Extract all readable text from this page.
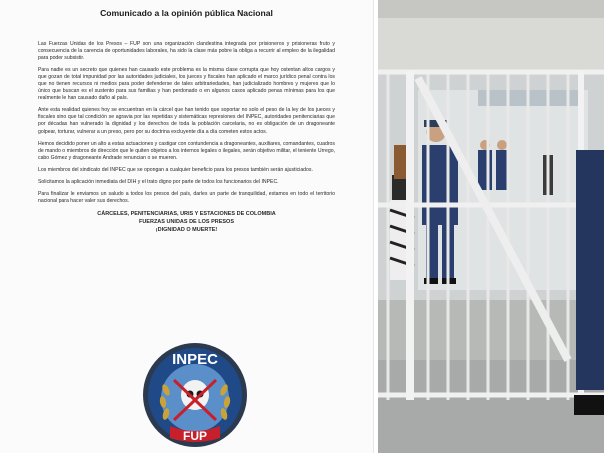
Comunicado a la opinión pública Nacional

Las Fuerzas Unidas de los Presos – FUP son una organización clandestina integrada por prisioneros y prisioneras fruto y consecuencia de la carencia de oportunidades laborales, ha sido la clase más pobre la obliga a recurrir al empleo de la ilegalidad para poder subsistir.

Para nadie es un secreto que quienes han causado este problema es la misma clase corrupta que hoy ostentan altos cargos y que gozan de total impunidad por las autoridades judiciales, los jueces y fiscales han aplicado el marco jurídico penal contra los que no tienen recursos ni medios para poder defenderse de tales arbitrariedades, han judicializado hombres y mujeres que lo único que buscan es el sustento para sus familias y han perdonado o en algunos casos aplicado penas mínimas para los que realmente le han causado daño al país.

Ante esta realidad quienes hoy se encuentran en la cárcel que han tenido que soportar no solo el peso de la ley de los jueces y fiscales sino que tal condición se agravia por las repetidas y sistemáticas represiones del INPEC, autoridades penitenciarias que por décadas han vulnerado la dignidad y los derechos de toda la población carcelaria, no es obligación de un dragoneante golpear, torturar, vulnerar a un preso, pero por su doctrina excluyente día a día cometen estos actos.

Hemos decidido poner un alto a estas actuaciones y castigar con contundencia a dragoneantes, auxiliares, comandantes, cuadros de mando o miembros de dirección que le quiten objetos a los internos legales o ilegales, serán objetivo militar, el teniente Urrego, cabo Gómez y dragoneante Andrade renuncian o se mueren.

Los miembros del sindicato del INPEC que se opongan a cualquier beneficio para los presos también serán ajusticiados.

Solicitamos la aplicación inmediata del DIH y el trato digno por parte de todos los funcionarios del INPEC.

Para finalizar le enviamos un saludo a todos los presos del país, darles un parte de tranquilidad, estamos en todo el territorio nacional para hacer valer sus derechos.

CÁRCELES, PENITENCIARIAS, URIS Y ESTACIONES DE COLOMBIA
FUERZAS UNIDAS DE LOS PRESOS
¡DIGNIDAD O MUERTE!
INPEC
FUP
